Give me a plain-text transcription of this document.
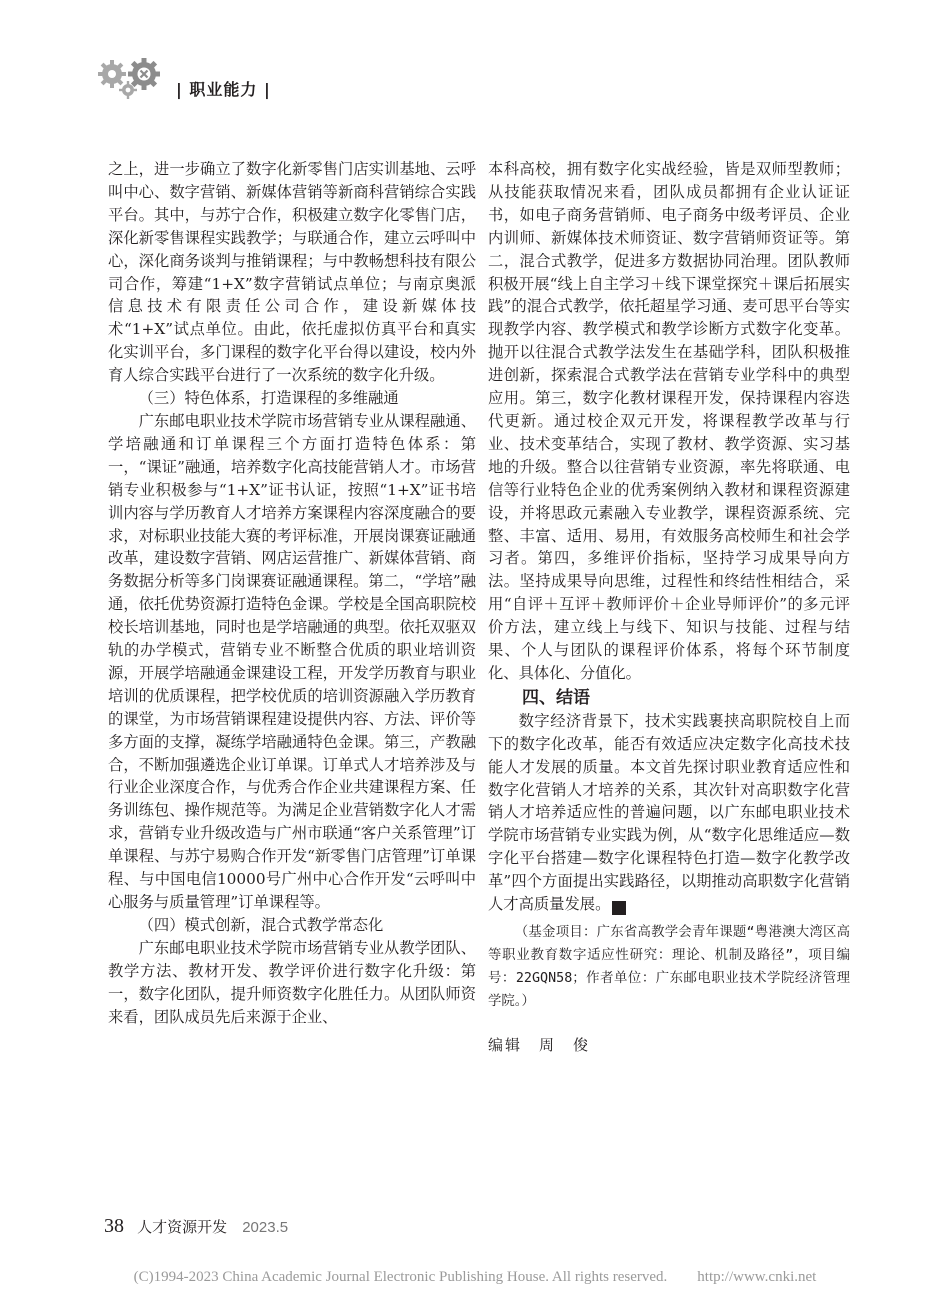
| 职业能力 |

之上，进一步确立了数字化新零售门店实训基地、云呼叫中心、数字营销、新媒体营销等新商科营销综合实践平台。其中，与苏宁合作，积极建立数字化零售门店，深化新零售课程实践教学；与联通合作，建立云呼叫中心，深化商务谈判与推销课程；与中教畅想科技有限公司合作，筹建“1+X”数字营销试点单位；与南京奥派信息技术有限责任公司合作，建设新媒体技术“1+X”试点单位。由此，依托虚拟仿真平台和真实化实训平台，多门课程的数字化平台得以建设，校内外育人综合实践平台进行了一次系统的数字化升级。

（三）特色体系，打造课程的多维融通

广东邮电职业技术学院市场营销专业从课程融通、学培融通和订单课程三个方面打造特色体系：第一，“课证”融通，培养数字化高技能营销人才。市场营销专业积极参与“1+X”证书认证，按照“1+X”证书培训内容与学历教育人才培养方案课程内容深度融合的要求，对标职业技能大赛的考评标准，开展岗课赛证融通改革，建设数字营销、网店运营推广、新媒体营销、商务数据分析等多门岗课赛证融通课程。第二，“学培”融通，依托优势资源打造特色金课。学校是全国高职院校校长培训基地，同时也是学培融通的典型。依托双驱双轨的办学模式，营销专业不断整合优质的职业培训资源，开展学培融通金课建设工程，开发学历教育与职业培训的优质课程，把学校优质的培训资源融入学历教育的课堂，为市场营销课程建设提供内容、方法、评价等多方面的支撑，凝练学培融通特色金课。第三，产教融合，不断加强遴选企业订单课。订单式人才培养涉及与行业企业深度合作，与优秀合作企业共建课程方案、任务训练包、操作规范等。为满足企业营销数字化人才需求，营销专业升级改造与广州市联通“客户关系管理”订单课程、与苏宁易购合作开发“新零售门店管理”订单课程、与中国电信10000号广州中心合作开发“云呼叫中心服务与质量管理”订单课程等。

（四）模式创新，混合式教学常态化

广东邮电职业技术学院市场营销专业从教学团队、教学方法、教材开发、教学评价进行数字化升级：第一，数字化团队，提升师资数字化胜任力。从团队师资来看，团队成员先后来源于企业、

本科高校，拥有数字化实战经验，皆是双师型教师；从技能获取情况来看，团队成员都拥有企业认证证书，如电子商务营销师、电子商务中级考评员、企业内训师、新媒体技术师资证、数字营销师资证等。第二，混合式教学，促进多方数据协同治理。团队教师积极开展“线上自主学习＋线下课堂探究＋课后拓展实践”的混合式教学，依托超星学习通、麦可思平台等实现教学内容、教学模式和教学诊断方式数字化变革。抛开以往混合式教学法发生在基础学科，团队积极推进创新，探索混合式教学法在营销专业学科中的典型应用。第三，数字化教材课程开发，保持课程内容迭代更新。通过校企双元开发，将课程教学改革与行业、技术变革结合，实现了教材、教学资源、实习基地的升级。整合以往营销专业资源，率先将联通、电信等行业特色企业的优秀案例纳入教材和课程资源建设，并将思政元素融入专业教学，课程资源系统、完整、丰富、适用、易用，有效服务高校师生和社会学习者。第四，多维评价指标，坚持学习成果导向方法。坚持成果导向思维，过程性和终结性相结合，采用“自评＋互评＋教师评价＋企业导师评价”的多元评价方法，建立线上与线下、知识与技能、过程与结果、个人与团队的课程评价体系，将每个环节制度化、具体化、分值化。

四、结语

数字经济背景下，技术实践裹挟高职院校自上而下的数字化改革，能否有效适应决定数字化高技术技能人才发展的质量。本文首先探讨职业教育适应性和数字化营销人才培养的关系，其次针对高职数字化营销人才培养适应性的普遍问题，以广东邮电职业技术学院市场营销专业实践为例，从“数字化思维适应—数字化平台搭建—数字化课程特色打造—数字化教学改革”四个方面提出实践路径，以期推动高职数字化营销人才高质量发展。	R

（基金项目：广东省高教学会青年课题“粤港澳大湾区高等职业教育数字适应性研究：理论、机制及路径”，项目编号：22GQN58；作者单位：广东邮电职业技术学院经济管理学院。）

编辑　周　俊

38 人才资源开发 2023.5
(C)1994-2023 China Academic Journal Electronic Publishing House. All rights reserved.　　http://www.cnki.net
